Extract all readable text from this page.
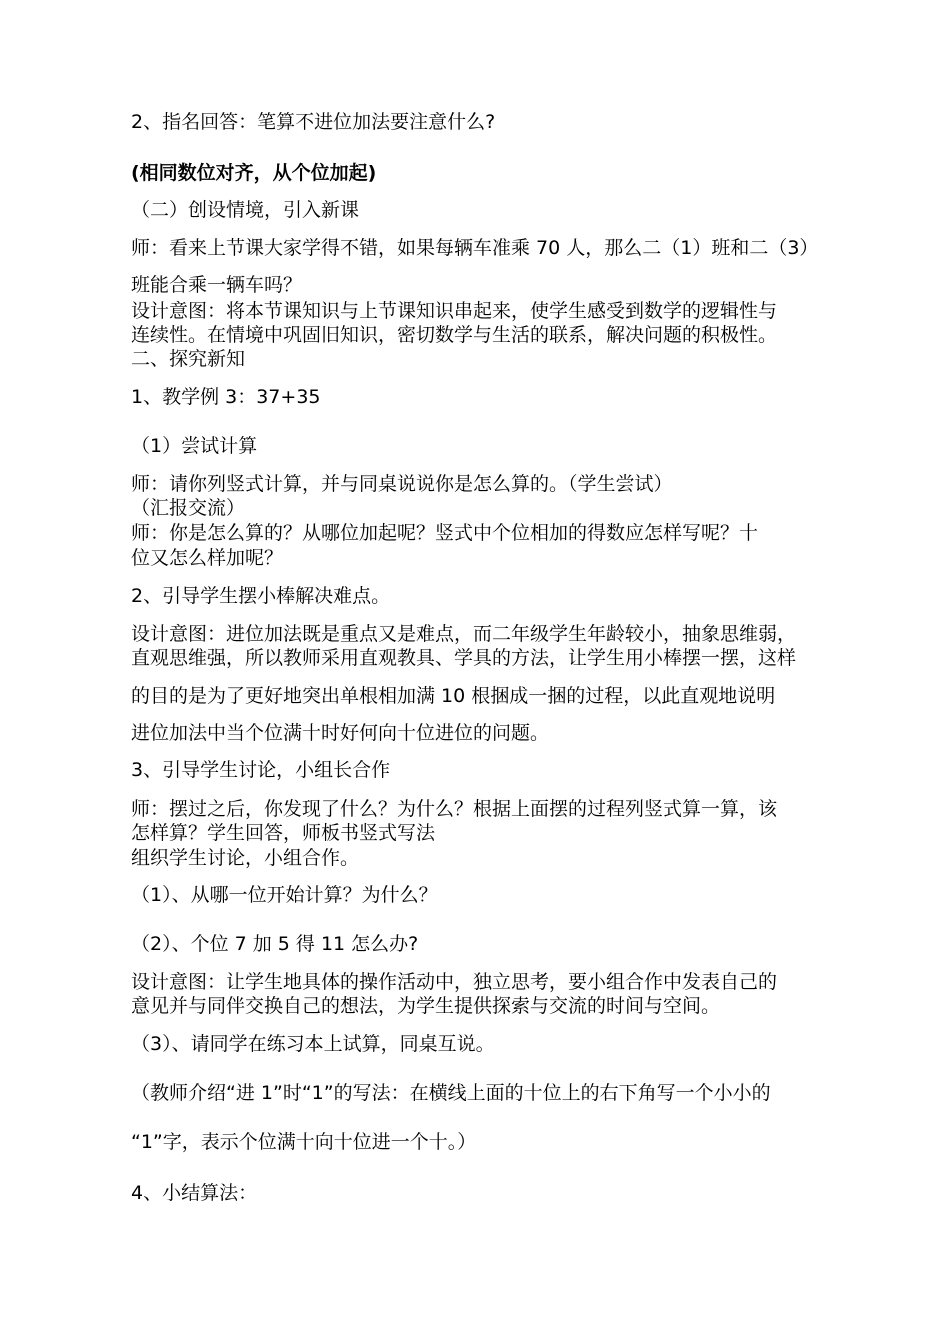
2、指名回答：笔算不进位加法要注意什么?
(相同数位对齐，从个位加起)
（二）创设情境，引入新课
师：看来上节课大家学得不错，如果每辆车准乘 70 人，那么二（1）班和二（3）
班能合乘一辆车吗？
设计意图：将本节课知识与上节课知识串起来，使学生感受到数学的逻辑性与
连续性。在情境中巩固旧知识，密切数学与生活的联系，解决问题的积极性。
二、探究新知
1、教学例 3：37+35
（1）尝试计算
师：请你列竖式计算，并与同桌说说你是怎么算的。（学生尝试）
（汇报交流）
师：你是怎么算的？从哪位加起呢？竖式中个位相加的得数应怎样写呢？十
位又怎么样加呢？
2、引导学生摆小棒解决难点。
设计意图：进位加法既是重点又是难点，而二年级学生年龄较小，抽象思维弱，
直观思维强，所以教师采用直观教具、学具的方法，让学生用小棒摆一摆，这样
的目的是为了更好地突出单根相加满 10 根捆成一捆的过程，以此直观地说明
进位加法中当个位满十时好何向十位进位的问题。
3、引导学生讨论，小组长合作
师：摆过之后，你发现了什么？为什么？根据上面摆的过程列竖式算一算，该
怎样算？学生回答，师板书竖式写法
组织学生讨论，小组合作。
（1）、从哪一位开始计算？为什么？
（2）、个位 7 加 5 得 11 怎么办?
设计意图：让学生地具体的操作活动中，独立思考，要小组合作中发表自己的
意见并与同伴交换自己的想法，为学生提供探索与交流的时间与空间。
（3）、请同学在练习本上试算，同桌互说。
（教师介绍“进 1”时“1”的写法：在横线上面的十位上的右下角写一个小小的
“1”字，表示个位满十向十位进一个十。）
4、小结算法：
